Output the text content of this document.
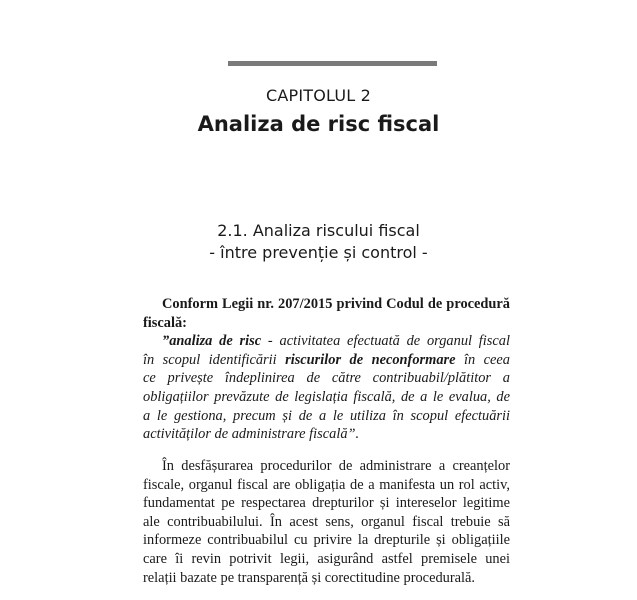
CAPITOLUL 2
Analiza de risc fiscal
2.1. Analiza riscului fiscal
- între prevenție și control -
Conform Legii nr. 207/2015 privind Codul de procedură
fiscală:
”analiza de risc - activitatea efectuată de organul fiscal
în scopul identificării riscurilor de neconformare în ceea
ce privește îndeplinirea de către contribuabil/plătitor a
obligațiilor prevăzute de legislația fiscală, de a le evalua, de
a le gestiona, precum și de a le utiliza în scopul efectuării
activităților de administrare fiscală”.
În desfășurarea procedurilor de administrare a creanțelor
fiscale, organul fiscal are obligația de a manifesta un rol activ,
fundamentat pe respectarea drepturilor și intereselor legitime
ale contribuabilului. În acest sens, organul fiscal trebuie să
informeze contribuabilul cu privire la drepturile și obligațiile
care îi revin potrivit legii, asigurând astfel premisele unei
relații bazate pe transparență și corectitudine procedurală.
